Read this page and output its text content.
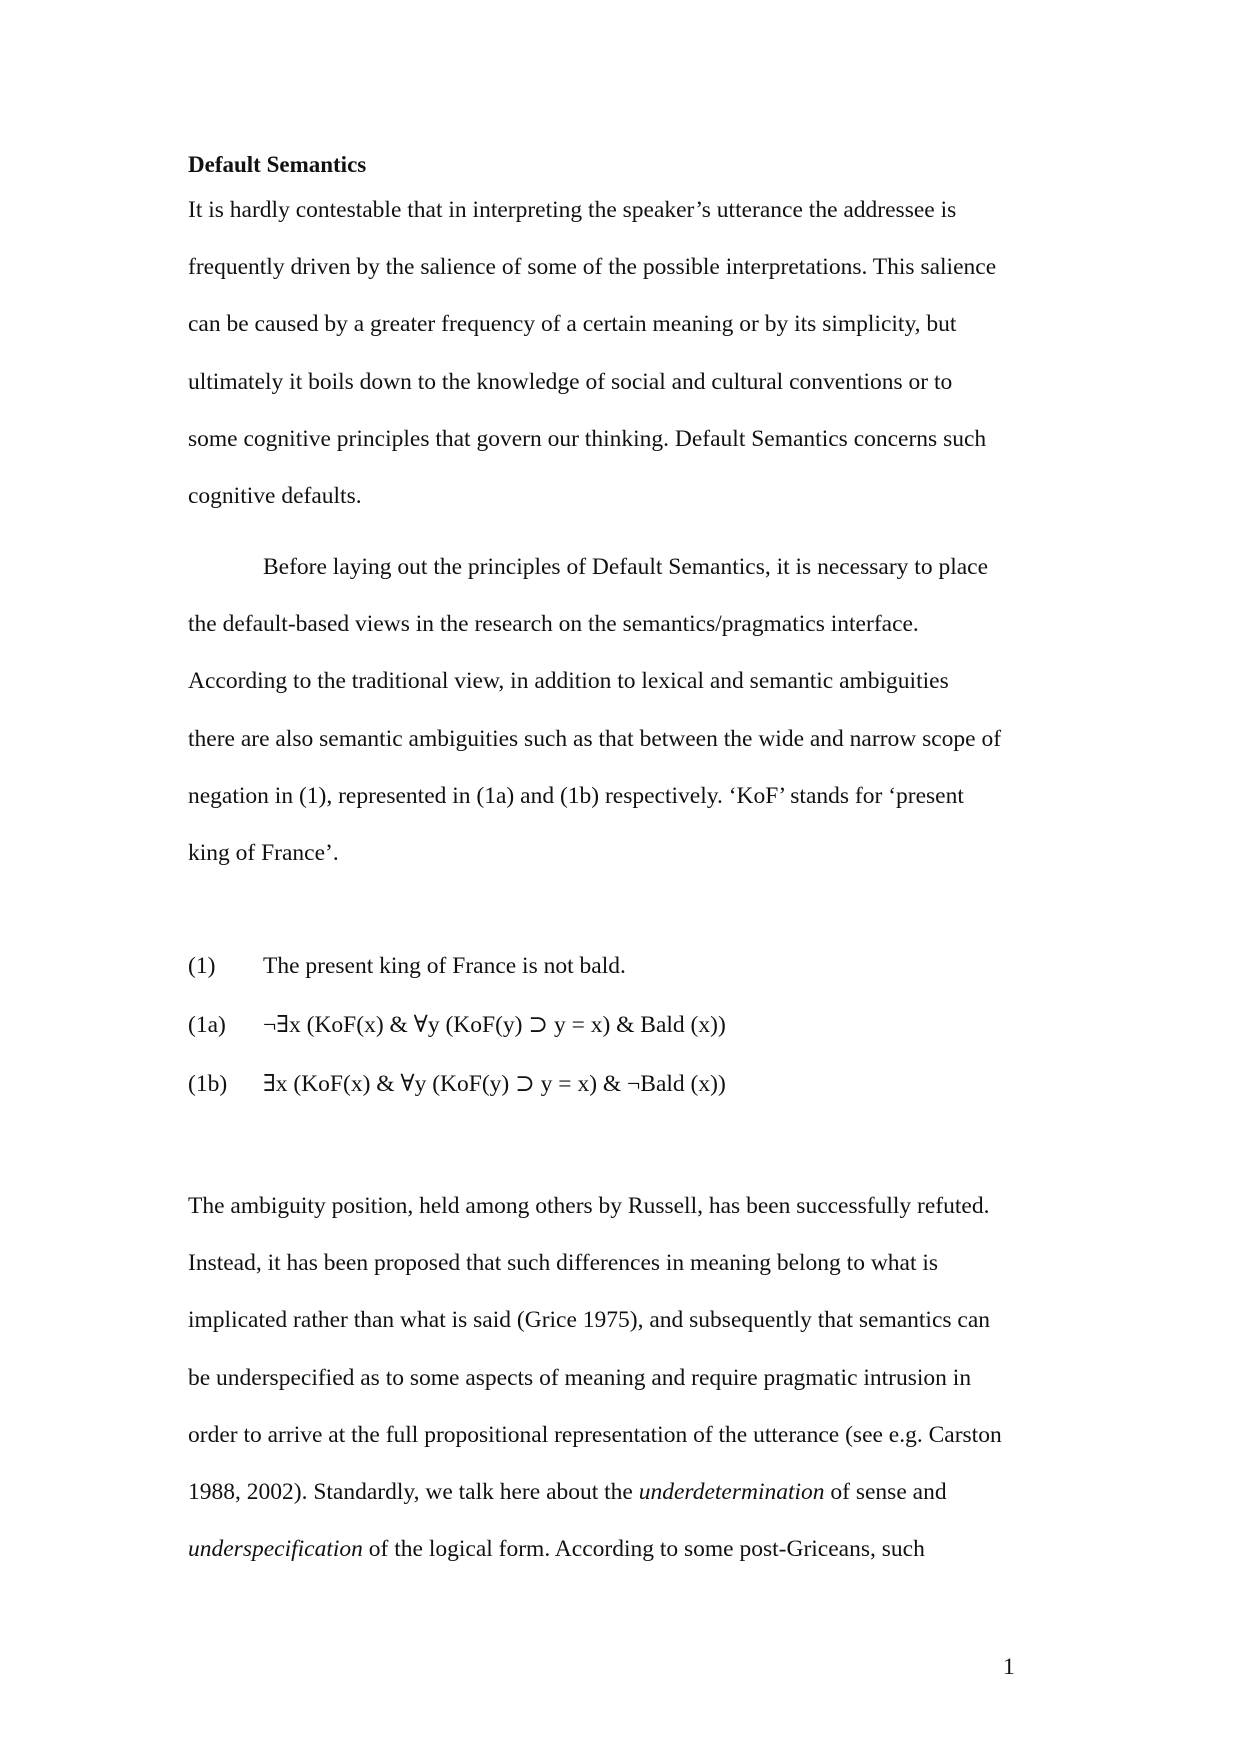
Default Semantics

It is hardly contestable that in interpreting the speaker’s utterance the addressee is
frequently driven by the salience of some of the possible interpretations. This salience
can be caused by a greater frequency of a certain meaning or by its simplicity, but
ultimately it boils down to the knowledge of social and cultural conventions or to
some cognitive principles that govern our thinking. Default Semantics concerns such
cognitive defaults.

Before laying out the principles of Default Semantics, it is necessary to place
the default-based views in the research on the semantics/pragmatics interface.
According to the traditional view, in addition to lexical and semantic ambiguities
there are also semantic ambiguities such as that between the wide and narrow scope of
negation in (1), represented in (1a) and (1b) respectively. ‘KoF’ stands for ‘present
king of France’.

(1) The present king of France is not bald.
(1a) ¬∃x (KoF(x) & ∀y (KoF(y) ⊃ y = x) & Bald (x))
(1b) ∃x (KoF(x) & ∀y (KoF(y) ⊃ y = x) & ¬Bald (x))

The ambiguity position, held among others by Russell, has been successfully refuted.
Instead, it has been proposed that such differences in meaning belong to what is
implicated rather than what is said (Grice 1975), and subsequently that semantics can
be underspecified as to some aspects of meaning and require pragmatic intrusion in
order to arrive at the full propositional representation of the utterance (see e.g. Carston
1988, 2002). Standardly, we talk here about the underdetermination of sense and
underspecification of the logical form. According to some post-Griceans, such

1
